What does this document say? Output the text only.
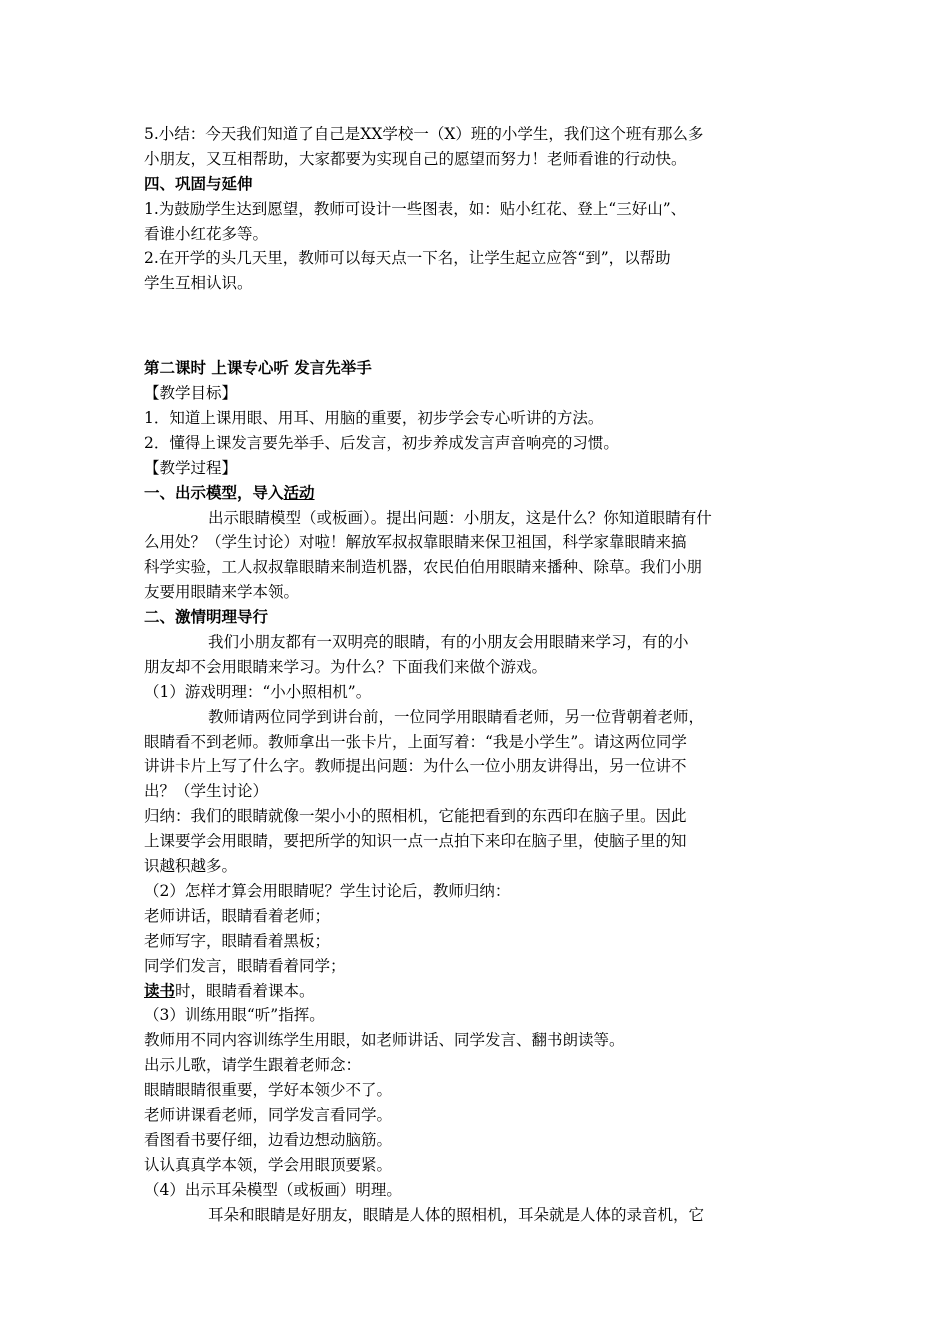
5.小结：今天我们知道了自己是XX学校一（X）班的小学生，我们这个班有那么多
小朋友，又互相帮助，大家都要为实现自己的愿望而努力！老师看谁的行动快。
四、巩固与延伸
1.为鼓励学生达到愿望，教师可设计一些图表，如：贴小红花、登上“三好山”、
看谁小红花多等。
2.在开学的头几天里，教师可以每天点一下名，让学生起立应答“到”，以帮助
学生互相认识。
第二课时 上课专心听 发言先举手
【教学目标】
1．知道上课用眼、用耳、用脑的重要，初步学会专心听讲的方法。
2．懂得上课发言要先举手、后发言，初步养成发言声音响亮的习惯。
【教学过程】
一、出示模型，导入活动
出示眼睛模型（或板画）。提出问题：小朋友，这是什么？你知道眼睛有什
么用处？（学生讨论）对啦！解放军叔叔靠眼睛来保卫祖国，科学家靠眼睛来搞
科学实验，工人叔叔靠眼睛来制造机器，农民伯伯用眼睛来播种、除草。我们小朋
友要用眼睛来学本领。
二、激情明理导行
我们小朋友都有一双明亮的眼睛，有的小朋友会用眼睛来学习，有的小
朋友却不会用眼睛来学习。为什么？下面我们来做个游戏。
（1）游戏明理：“小小照相机”。
教师请两位同学到讲台前，一位同学用眼睛看老师，另一位背朝着老师，
眼睛看不到老师。教师拿出一张卡片，上面写着：“我是小学生”。请这两位同学
讲讲卡片上写了什么字。教师提出问题：为什么一位小朋友讲得出，另一位讲不
出？（学生讨论）
归纳：我们的眼睛就像一架小小的照相机，它能把看到的东西印在脑子里。因此
上课要学会用眼睛，要把所学的知识一点一点拍下来印在脑子里，使脑子里的知
识越积越多。
（2）怎样才算会用眼睛呢？学生讨论后，教师归纳：
老师讲话，眼睛看着老师；
老师写字，眼睛看着黑板；
同学们发言，眼睛看着同学；
读书时，眼睛看着课本。
（3）训练用眼“听”指挥。
教师用不同内容训练学生用眼，如老师讲话、同学发言、翻书朗读等。
出示儿歌，请学生跟着老师念：
眼睛眼睛很重要，学好本领少不了。
老师讲课看老师，同学发言看同学。
看图看书要仔细，边看边想动脑筋。
认认真真学本领，学会用眼顶要紧。
（4）出示耳朵模型（或板画）明理。
耳朵和眼睛是好朋友，眼睛是人体的照相机，耳朵就是人体的录音机，它
